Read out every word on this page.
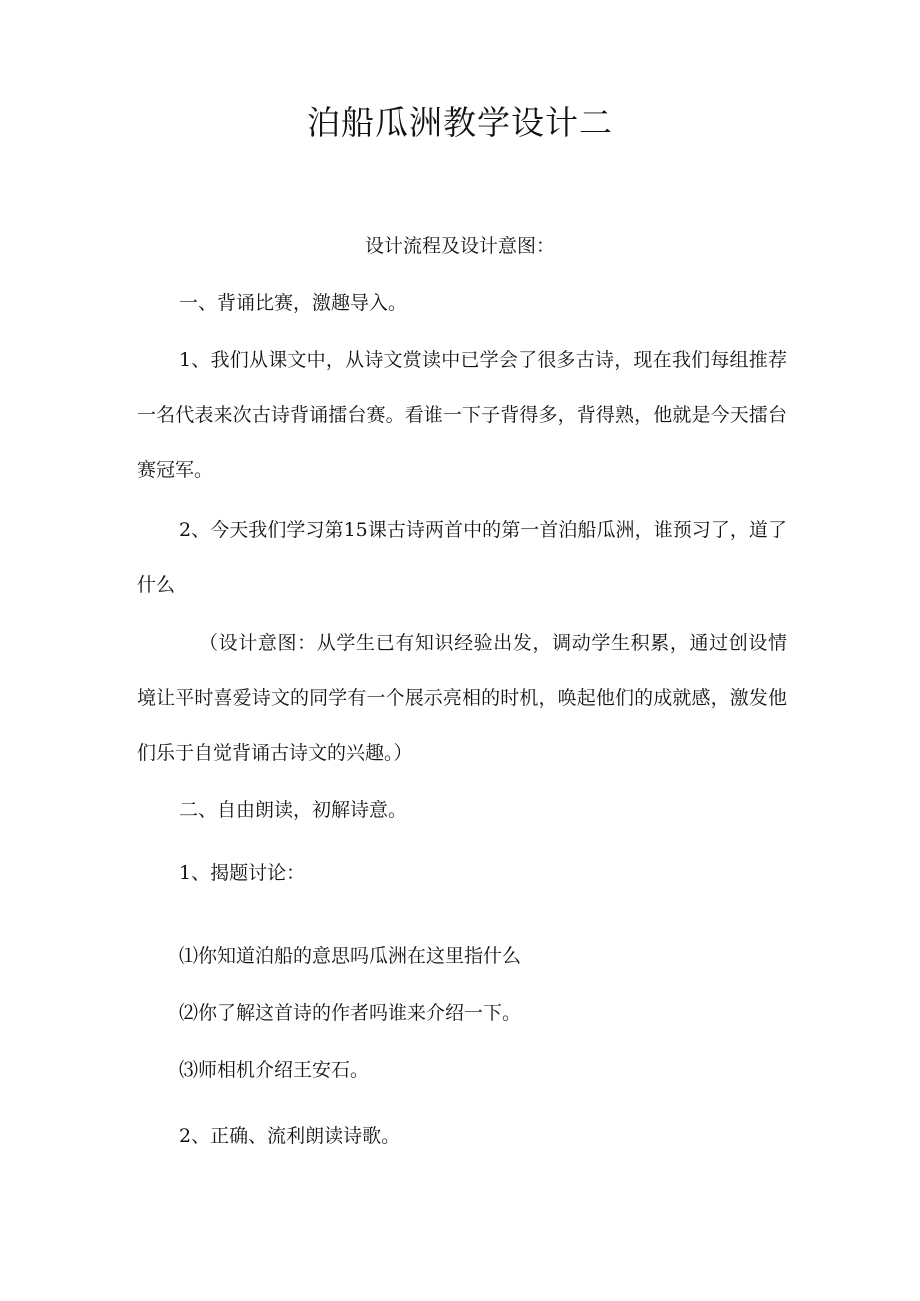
泊船瓜洲教学设计二
设计流程及设计意图：
一、背诵比赛，激趣导入。

1、我们从课文中，从诗文赏读中已学会了很多古诗，现在我们每组推荐一名代表来次古诗背诵擂台赛。看谁一下子背得多，背得熟，他就是今天擂台赛冠军。

2、今天我们学习第15课古诗两首中的第一首泊船瓜洲，谁预习了，道了什么

（设计意图：从学生已有知识经验出发，调动学生积累，通过创设情境让平时喜爱诗文的同学有一个展示亮相的时机，唤起他们的成就感，激发他们乐于自觉背诵古诗文的兴趣。）

二、自由朗读，初解诗意。
1、揭题讨论：
⑴你知道泊船的意思吗瓜洲在这里指什么
⑵你了解这首诗的作者吗谁来介绍一下。
⑶师相机介绍王安石。
2、正确、流利朗读诗歌。
